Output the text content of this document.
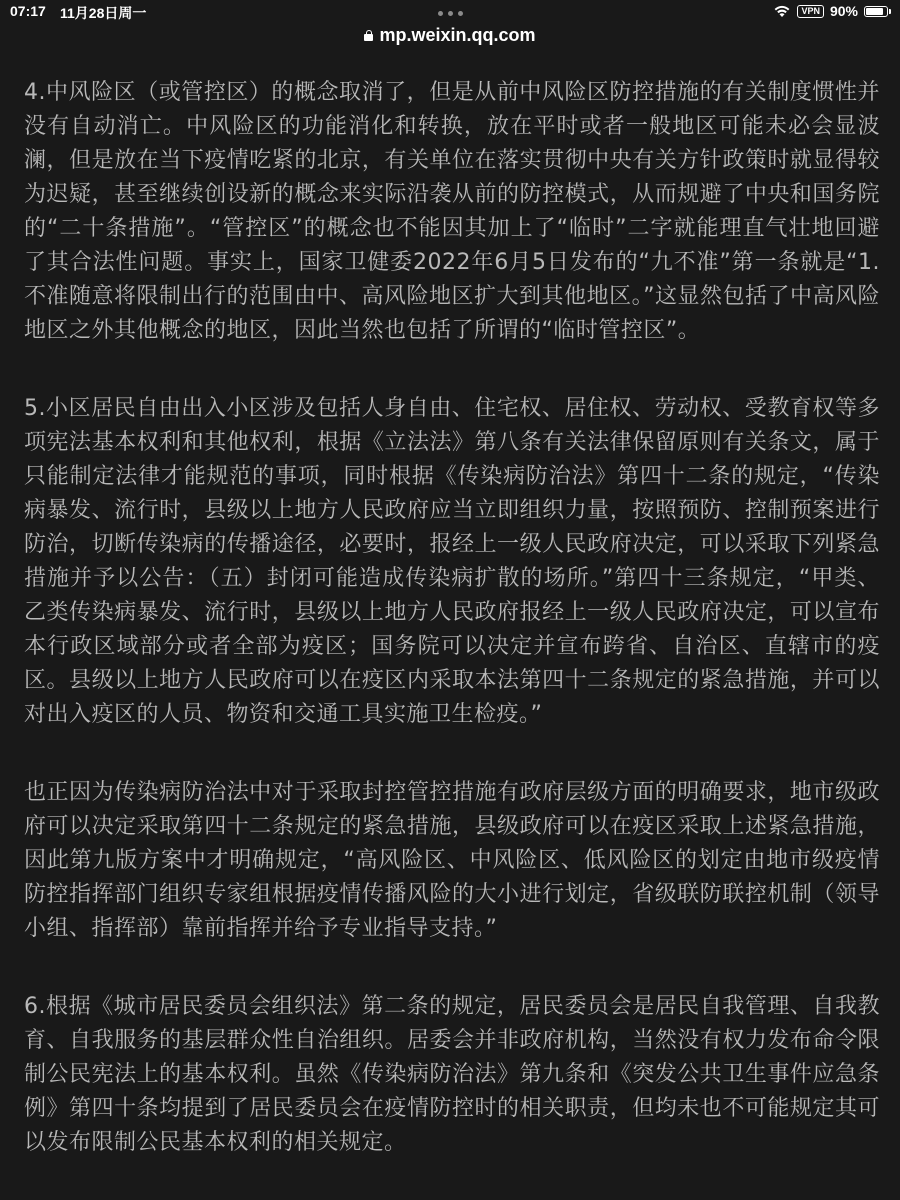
07:17 11月28日周一	VPN 90%
mp.weixin.qq.com

4.中风险区（或管控区）的概念取消了，但是从前中风险区防控措施的有关制度惯性并没有自动消亡。中风险区的功能消化和转换，放在平时或者一般地区可能未必会显波澜，但是放在当下疫情吃紧的北京，有关单位在落实贯彻中央有关方针政策时就显得较为迟疑，甚至继续创设新的概念来实际沿袭从前的防控模式，从而规避了中央和国务院的“二十条措施”。“管控区”的概念也不能因其加上了“临时”二字就能理直气壮地回避了其合法性问题。事实上，国家卫健委2022年6月5日发布的“九不准”第一条就是“1.不准随意将限制出行的范围由中、高风险地区扩大到其他地区。”这显然包括了中高风险地区之外其他概念的地区，因此当然也包括了所谓的“临时管控区”。

5.小区居民自由出入小区涉及包括人身自由、住宅权、居住权、劳动权、受教育权等多项宪法基本权利和其他权利，根据《立法法》第八条有关法律保留原则有关条文，属于只能制定法律才能规范的事项，同时根据《传染病防治法》第四十二条的规定，“传染病暴发、流行时，县级以上地方人民政府应当立即组织力量，按照预防、控制预案进行防治，切断传染病的传播途径，必要时，报经上一级人民政府决定，可以采取下列紧急措施并予以公告：（五）封闭可能造成传染病扩散的场所。”第四十三条规定，“甲类、乙类传染病暴发、流行时，县级以上地方人民政府报经上一级人民政府决定，可以宣布本行政区域部分或者全部为疫区；国务院可以决定并宣布跨省、自治区、直辖市的疫区。县级以上地方人民政府可以在疫区内采取本法第四十二条规定的紧急措施，并可以对出入疫区的人员、物资和交通工具实施卫生检疫。”

也正因为传染病防治法中对于采取封控管控措施有政府层级方面的明确要求，地市级政府可以决定采取第四十二条规定的紧急措施，县级政府可以在疫区采取上述紧急措施，因此第九版方案中才明确规定，“高风险区、中风险区、低风险区的划定由地市级疫情防控指挥部门组织专家组根据疫情传播风险的大小进行划定，省级联防联控机制（领导小组、指挥部）靠前指挥并给予专业指导支持。”

6.根据《城市居民委员会组织法》第二条的规定，居民委员会是居民自我管理、自我教育、自我服务的基层群众性自治组织。居委会并非政府机构，当然没有权力发布命令限制公民宪法上的基本权利。虽然《传染病防治法》第九条和《突发公共卫生事件应急条例》第四十条均提到了居民委员会在疫情防控时的相关职责，但均未也不可能规定其可以发布限制公民基本权利的相关规定。
